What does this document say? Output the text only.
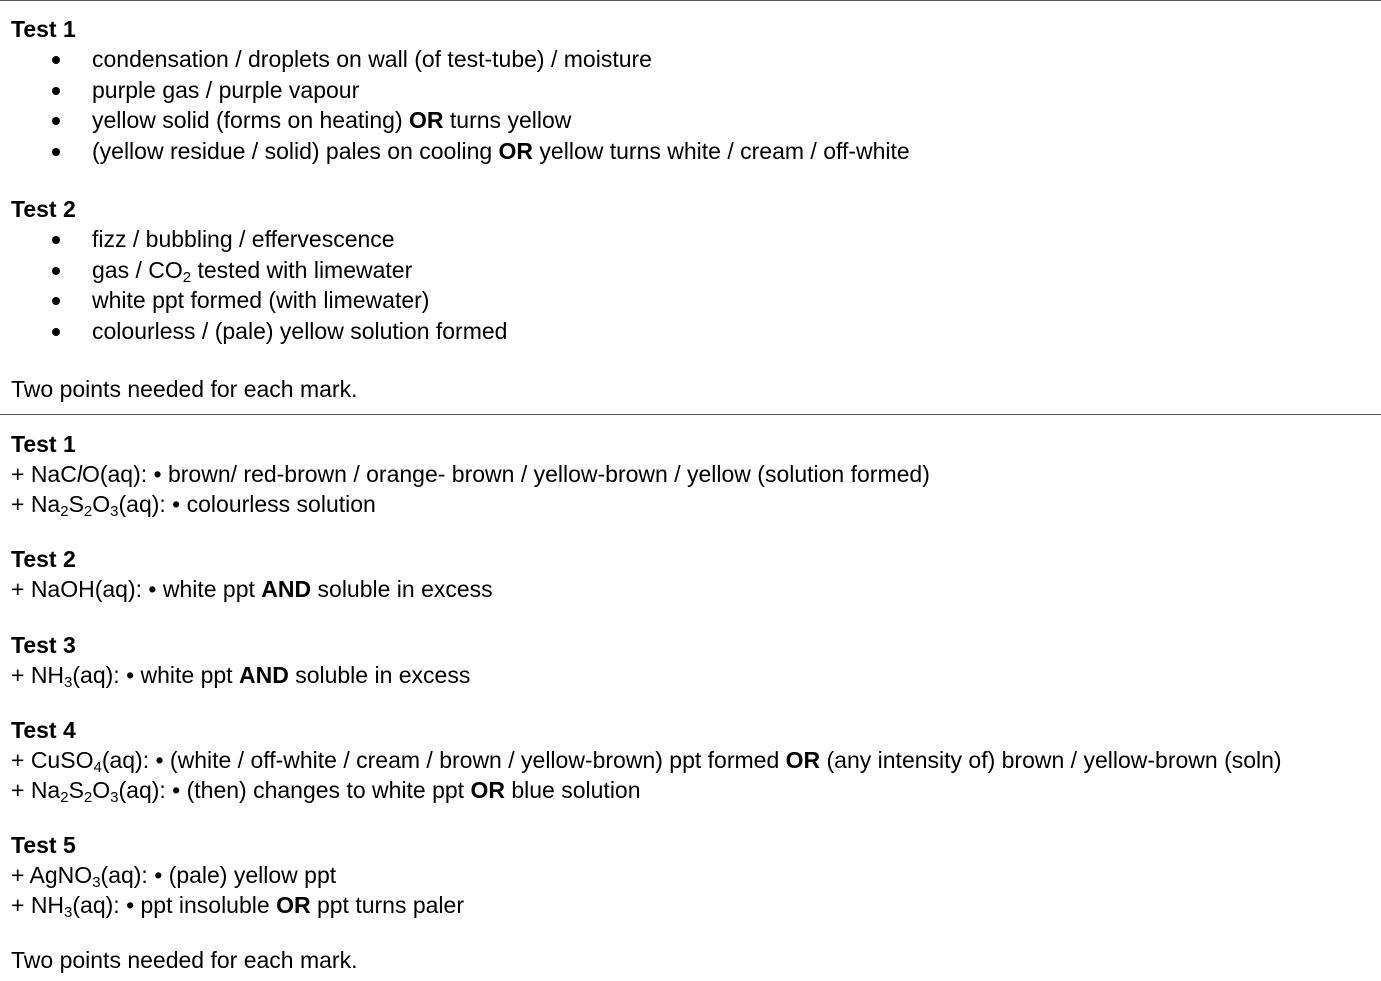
Test 1
condensation / droplets on wall (of test-tube) / moisture
purple gas / purple vapour
yellow solid (forms on heating) OR turns yellow
(yellow residue / solid) pales on cooling OR yellow turns white / cream / off-white
Test 2
fizz / bubbling / effervescence
gas / $CO_2$ tested with limewater
white ppt formed (with limewater)
colourless / (pale) yellow solution formed
Two points needed for each mark.
Test 1
+ NaClO(aq): • brown/ red-brown / orange- brown / yellow-brown / yellow (solution formed)
+ $Na_2S_2O_3(aq)$: • colourless solution
Test 2
+ NaOH(aq): • white ppt AND soluble in excess
Test 3
+ $NH_3(aq)$: • white ppt AND soluble in excess
Test 4
+ CuSO$_4$(aq): • (white / off-white / cream / brown / yellow-brown) ppt formed OR (any intensity of) brown / yellow-brown (soln)
+ $Na_2S_2O_3(aq)$: • (then) changes to white ppt OR blue solution
Test 5
+ AgNO$_3$(aq): • (pale) yellow ppt
+ $NH_3(aq)$: • ppt insoluble OR ppt turns paler
Two points needed for each mark.
